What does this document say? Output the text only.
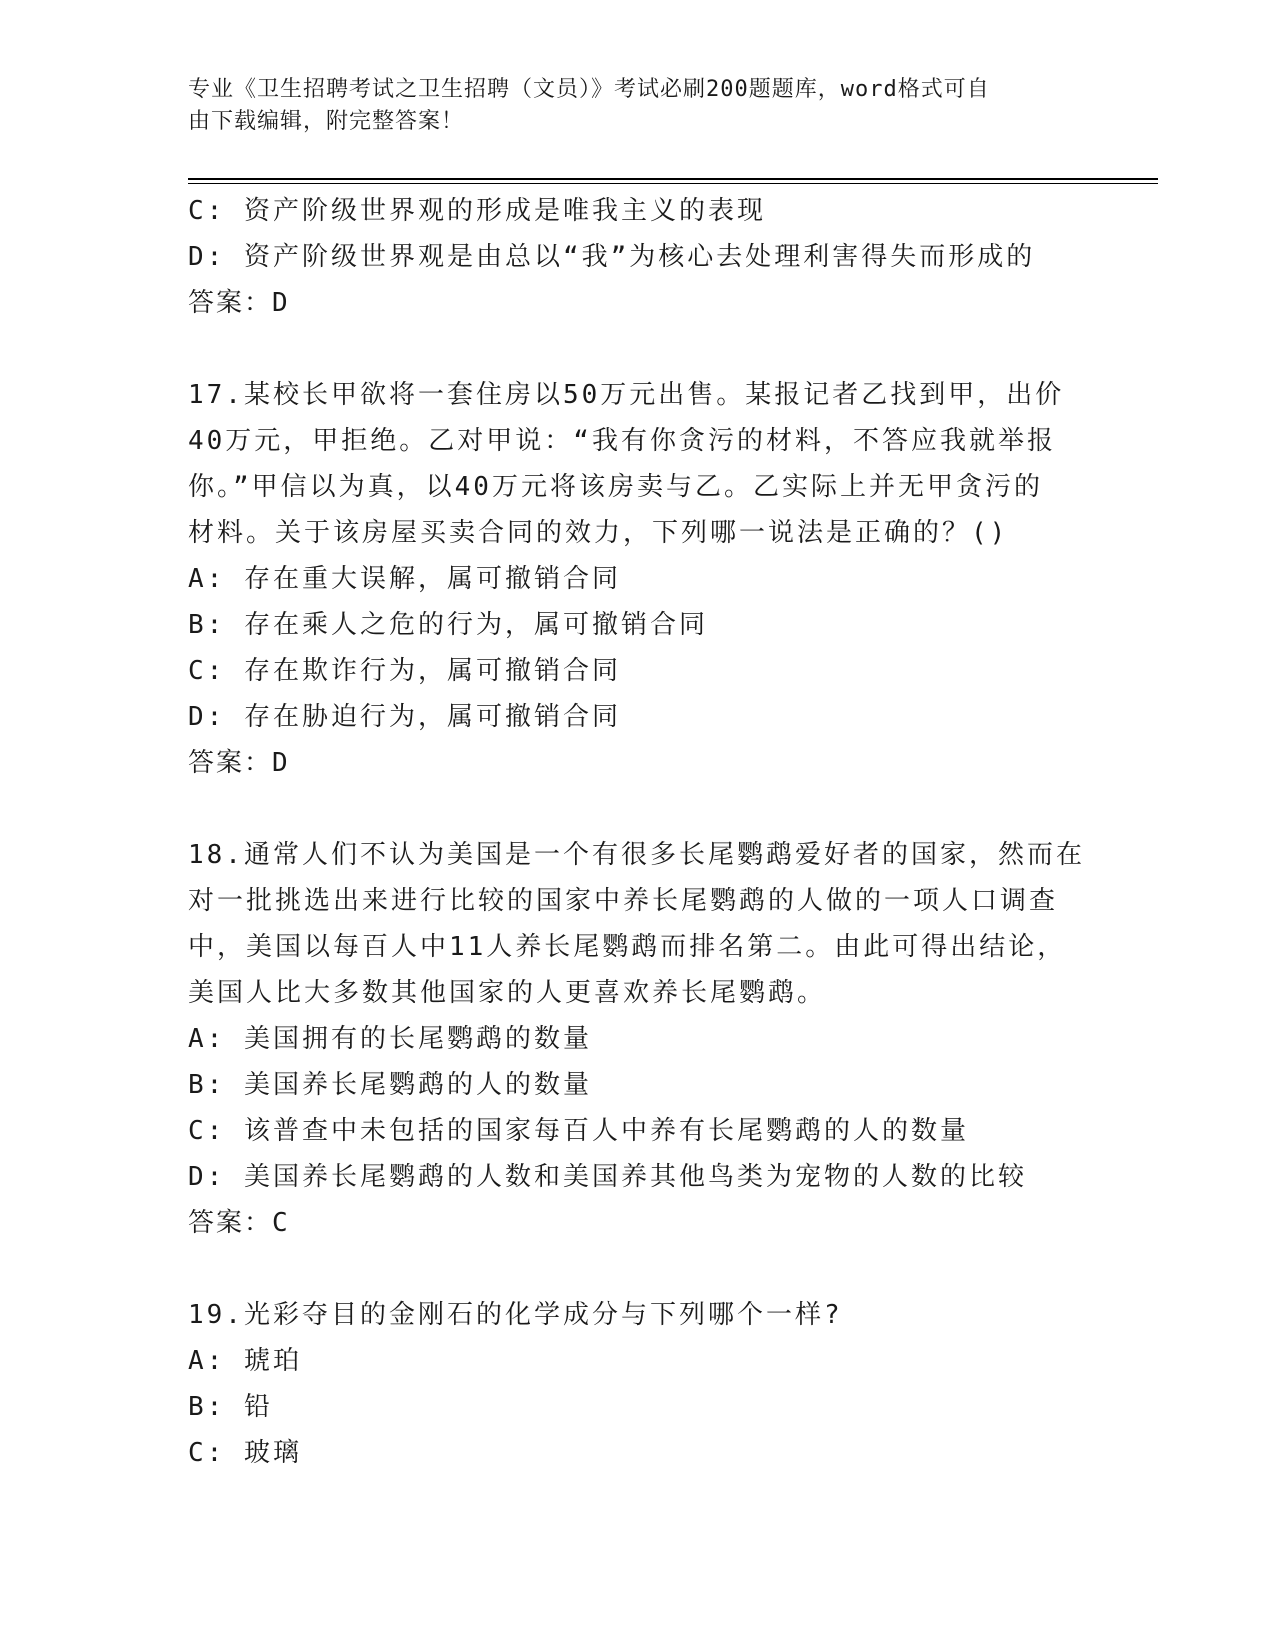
专业《卫生招聘考试之卫生招聘（文员）》考试必刷200题题库，word格式可自
由下载编辑，附完整答案！
C: 资产阶级世界观的形成是唯我主义的表现
D: 资产阶级世界观是由总以“我”为核心去处理利害得失而形成的
答案：D
17.某校长甲欲将一套住房以50万元出售。某报记者乙找到甲，出价
40万元，甲拒绝。乙对甲说：“我有你贪污的材料，不答应我就举报
你。”甲信以为真，以40万元将该房卖与乙。乙实际上并无甲贪污的
材料。关于该房屋买卖合同的效力，下列哪一说法是正确的？()
A: 存在重大误解，属可撤销合同
B: 存在乘人之危的行为，属可撤销合同
C: 存在欺诈行为，属可撤销合同
D: 存在胁迫行为，属可撤销合同
答案：D
18.通常人们不认为美国是一个有很多长尾鹦鹉爱好者的国家，然而在
对一批挑选出来进行比较的国家中养长尾鹦鹉的人做的一项人口调查
中，美国以每百人中11人养长尾鹦鹉而排名第二。由此可得出结论，
美国人比大多数其他国家的人更喜欢养长尾鹦鹉。
A: 美国拥有的长尾鹦鹉的数量
B: 美国养长尾鹦鹉的人的数量
C: 该普查中未包括的国家每百人中养有长尾鹦鹉的人的数量
D: 美国养长尾鹦鹉的人数和美国养其他鸟类为宠物的人数的比较
答案：C
19.光彩夺目的金刚石的化学成分与下列哪个一样?
A: 琥珀
B: 铅
C: 玻璃
